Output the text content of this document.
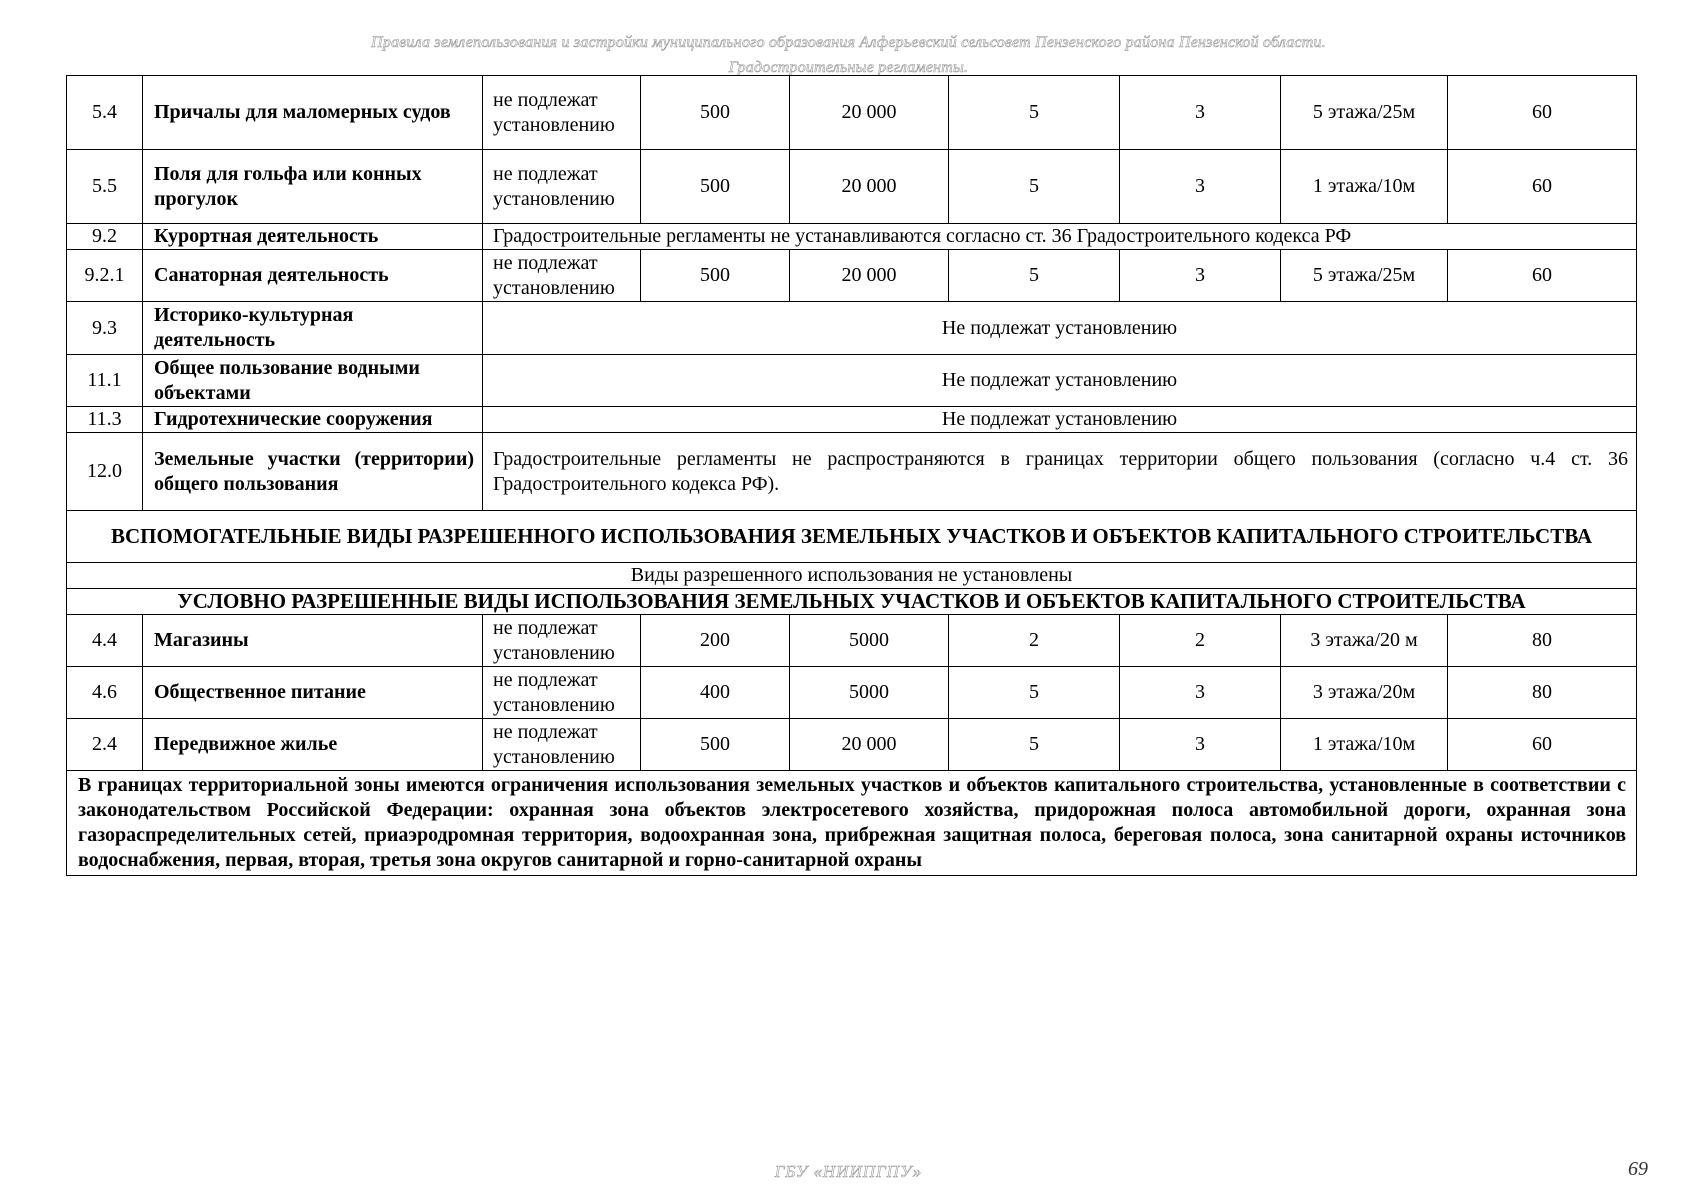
Правила землепользования и застройки муниципального образования Алферьевский сельсовет Пензенского района Пензенской области.
Градостроительные регламенты.
5.4	Причалы для маломерных судов	не подлежат установлению	500	20 000	5	3	5 этажа/25м	60
5.5	Поля для гольфа или конных прогулок	не подлежат установлению	500	20 000	5	3	1 этажа/10м	60
9.2	Курортная деятельность	Градостроительные регламенты не устанавливаются согласно ст. 36 Градостроительного кодекса РФ						
9.2.1	Санаторная деятельность	не подлежат установлению	500	20 000	5	3	5 этажа/25м	60
9.3	Историко-культурная деятельность	Не подлежат установлению						
11.1	Общее пользование водными объектами	Не подлежат установлению						
11.3	Гидротехнические сооружения	Не подлежат установлению						
12.0	Земельные участки (территории) общего пользования	Градостроительные регламенты не распространяются в границах территории общего пользования (согласно ч.4 ст. 36 Градостроительного кодекса РФ).						
ВСПОМОГАТЕЛЬНЫЕ ВИДЫ РАЗРЕШЕННОГО ИСПОЛЬЗОВАНИЯ ЗЕМЕЛЬНЫХ УЧАСТКОВ И ОБЪЕКТОВ КАПИТАЛЬНОГО СТРОИТЕЛЬСТВА								
Виды разрешенного использования не установлены								
УСЛОВНО РАЗРЕШЕННЫЕ ВИДЫ ИСПОЛЬЗОВАНИЯ ЗЕМЕЛЬНЫХ УЧАСТКОВ И ОБЪЕКТОВ КАПИТАЛЬНОГО СТРОИТЕЛЬСТВА								
4.4	Магазины	не подлежат установлению	200	5000	2	2	3 этажа/20 м	80
4.6	Общественное питание	не подлежат установлению	400	5000	5	3	3 этажа/20м	80
2.4	Передвижное жилье	не подлежат установлению	500	20 000	5	3	1 этажа/10м	60
В границах территориальной зоны имеются ограничения использования земельных участков и объектов капитального строительства, установленные в соответствии с законодательством Российской Федерации: охранная зона объектов электросетевого хозяйства, придорожная полоса автомобильной дороги, охранная зона газораспределительных сетей, приаэродромная территория, водоохранная зона, прибрежная защитная полоса, береговая полоса, зона санитарной охраны источников водоснабжения, первая, вторая, третья зона округов санитарной и горно-санитарной охраны								
ГБУ «НИИПГПУ»	69
